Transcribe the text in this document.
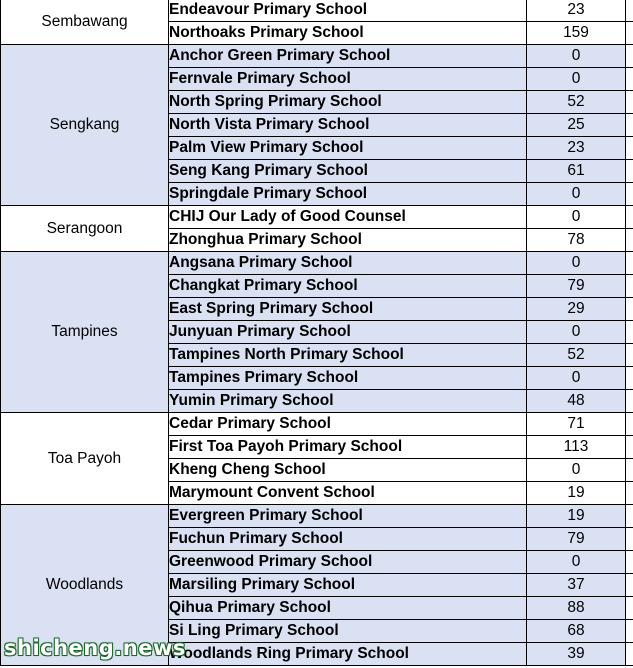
Sembawang	Endeavour Primary School	23	
	Northoaks Primary School	159	
Sengkang	Anchor Green Primary School	0	
	Fernvale Primary School	0	
	North Spring Primary School	52	
	North Vista Primary School	25	
	Palm View Primary School	23	
	Seng Kang Primary School	61	
	Springdale Primary School	0	
Serangoon	CHIJ Our Lady of Good Counsel	0	
	Zhonghua Primary School	78	
Tampines	Angsana Primary School	0	
	Changkat Primary School	79	
	East Spring Primary School	29	
	Junyuan Primary School	0	
	Tampines North Primary School	52	
	Tampines Primary School	0	
	Yumin Primary School	48	
Toa Payoh	Cedar Primary School	71	
	First Toa Payoh Primary School	113	
	Kheng Cheng School	0	
	Marymount Convent School	19	
Woodlands	Evergreen Primary School	19	
	Fuchun Primary School	79	
	Greenwood Primary School	0	
	Marsiling Primary School	37	
	Qihua Primary School	88	
	Si Ling Primary School	68	
	Woodlands Ring Primary School	39	
shicheng.news
